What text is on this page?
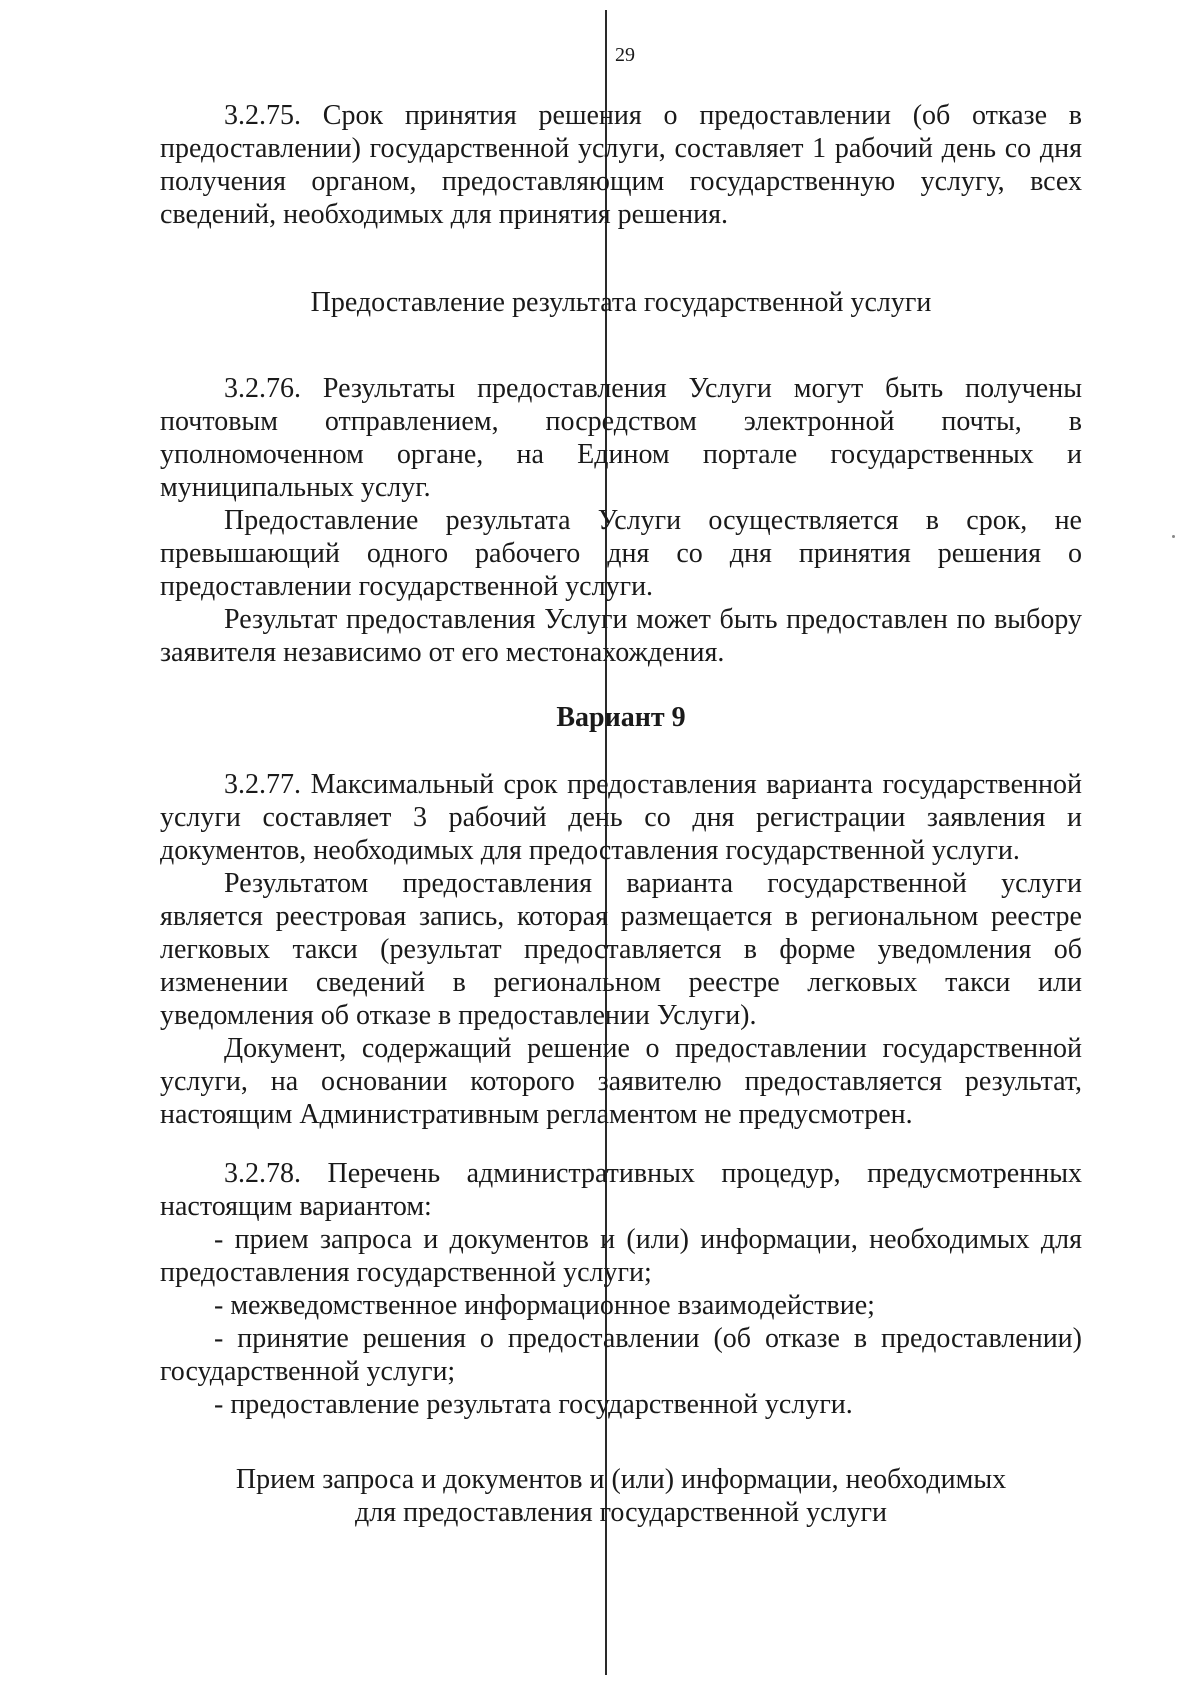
29

3.2.75. Срок принятия решения о предоставлении (об отказе в предоставлении) государственной услуги, составляет 1 рабочий день со дня получения органом, предоставляющим государственную услугу, всех сведений, необходимых для принятия решения.

Предоставление результата государственной услуги

3.2.76. Результаты предоставления Услуги могут быть получены почтовым отправлением, посредством электронной почты, в уполномоченном органе, на Едином портале государственных и муниципальных услуг.

Предоставление результата Услуги осуществляется в срок, не превышающий одного рабочего дня со дня принятия решения о предоставлении государственной услуги.

Результат предоставления Услуги может быть предоставлен по выбору заявителя независимо от его местонахождения.

Вариант 9

3.2.77. Максимальный срок предоставления варианта государственной услуги составляет 3 рабочий день со дня регистрации заявления и документов, необходимых для предоставления государственной услуги.

Результатом предоставления варианта государственной услуги является реестровая запись, которая размещается в региональном реестре легковых такси (результат предоставляется в форме уведомления об изменении сведений в региональном реестре легковых такси или уведомления об отказе в предоставлении Услуги).

Документ, содержащий решение о предоставлении государственной услуги, на основании которого заявителю предоставляется результат, настоящим Административным регламентом не предусмотрен.

3.2.78. Перечень административных процедур, предусмотренных настоящим вариантом:

- прием запроса и документов и (или) информации, необходимых для предоставления государственной услуги;

- межведомственное информационное взаимодействие;

- принятие решения о предоставлении (об отказе в предоставлении) государственной услуги;

- предоставление результата государственной услуги.

Прием запроса и документов и (или) информации, необходимых
для предоставления государственной услуги
